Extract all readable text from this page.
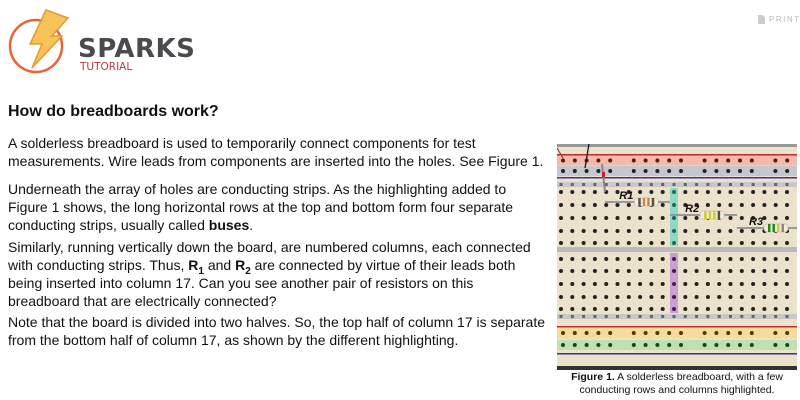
SPARKS
TUTORIAL
PRINT
How do breadboards work?

A solderless breadboard is used to temporarily connect components for test measurements. Wire leads from components are inserted into the holes. See Figure 1.

Underneath the array of holes are conducting strips. As the highlighting added to Figure 1 shows, the long horizontal rows at the top and bottom form four separate conducting strips, usually called buses.

Similarly, running vertically down the board, are numbered columns, each connected with conducting strips. Thus, $R_1$ and $R_2$ are connected by virtue of their leads both being inserted into column 17. Can you see another pair of resistors on this breadboard that are electrically connected?

Note that the board is divided into two halves. So, the top half of column 17 is separate from the bottom half of column 17, as shown by the different highlighting.

R1
R2
R3
Figure 1. A solderless breadboard, with a few conducting rows and columns highlighted.
